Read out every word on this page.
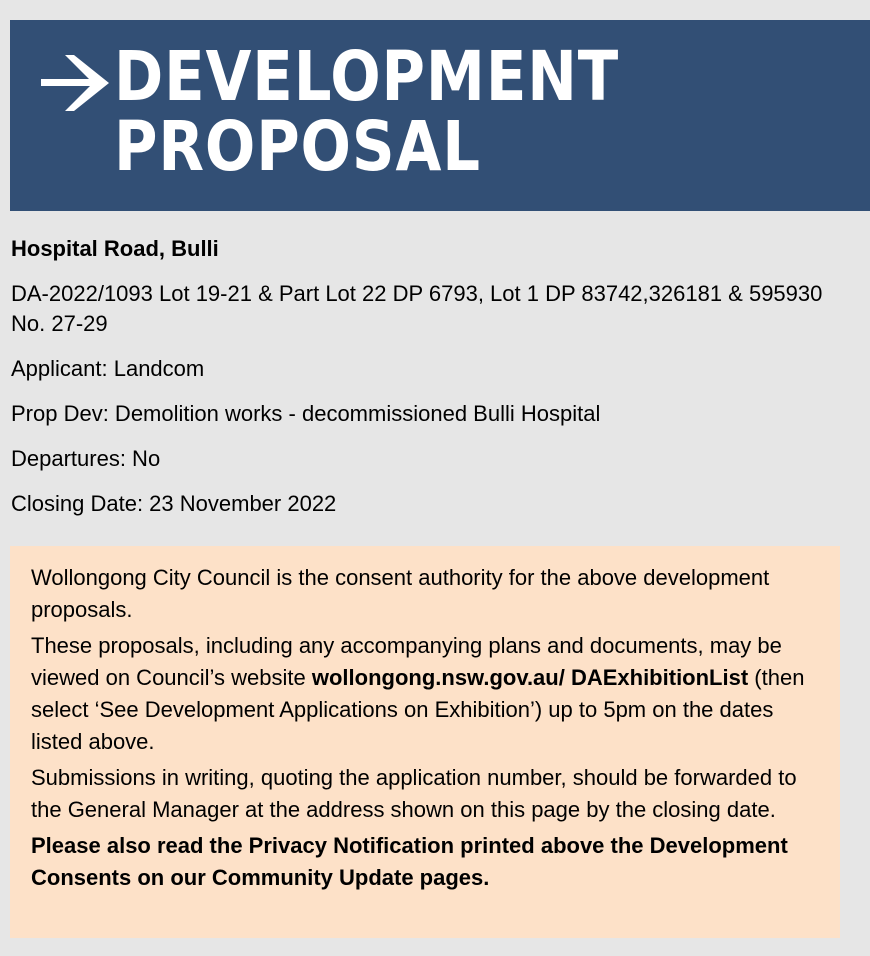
DEVELOPMENT
PROPOSAL

Hospital Road, Bulli

DA-2022/1093 Lot 19-21 & Part Lot 22 DP 6793, Lot 1 DP 83742,326181 & 595930 No. 27-29

Applicant: Landcom

Prop Dev: Demolition works - decommissioned Bulli Hospital

Departures: No

Closing Date: 23 November 2022

Wollongong City Council is the consent authority for the above development proposals.

These proposals, including any accompanying plans and documents, may be viewed on Council’s website wollongong.nsw.gov.au/ DAExhibitionList (then select ‘See Development Applications on Exhibition’) up to 5pm on the dates listed above.

Submissions in writing, quoting the application number, should be forwarded to the General Manager at the address shown on this page by the closing date.

Please also read the Privacy Notification printed above the Development Consents on our Community Update pages.
